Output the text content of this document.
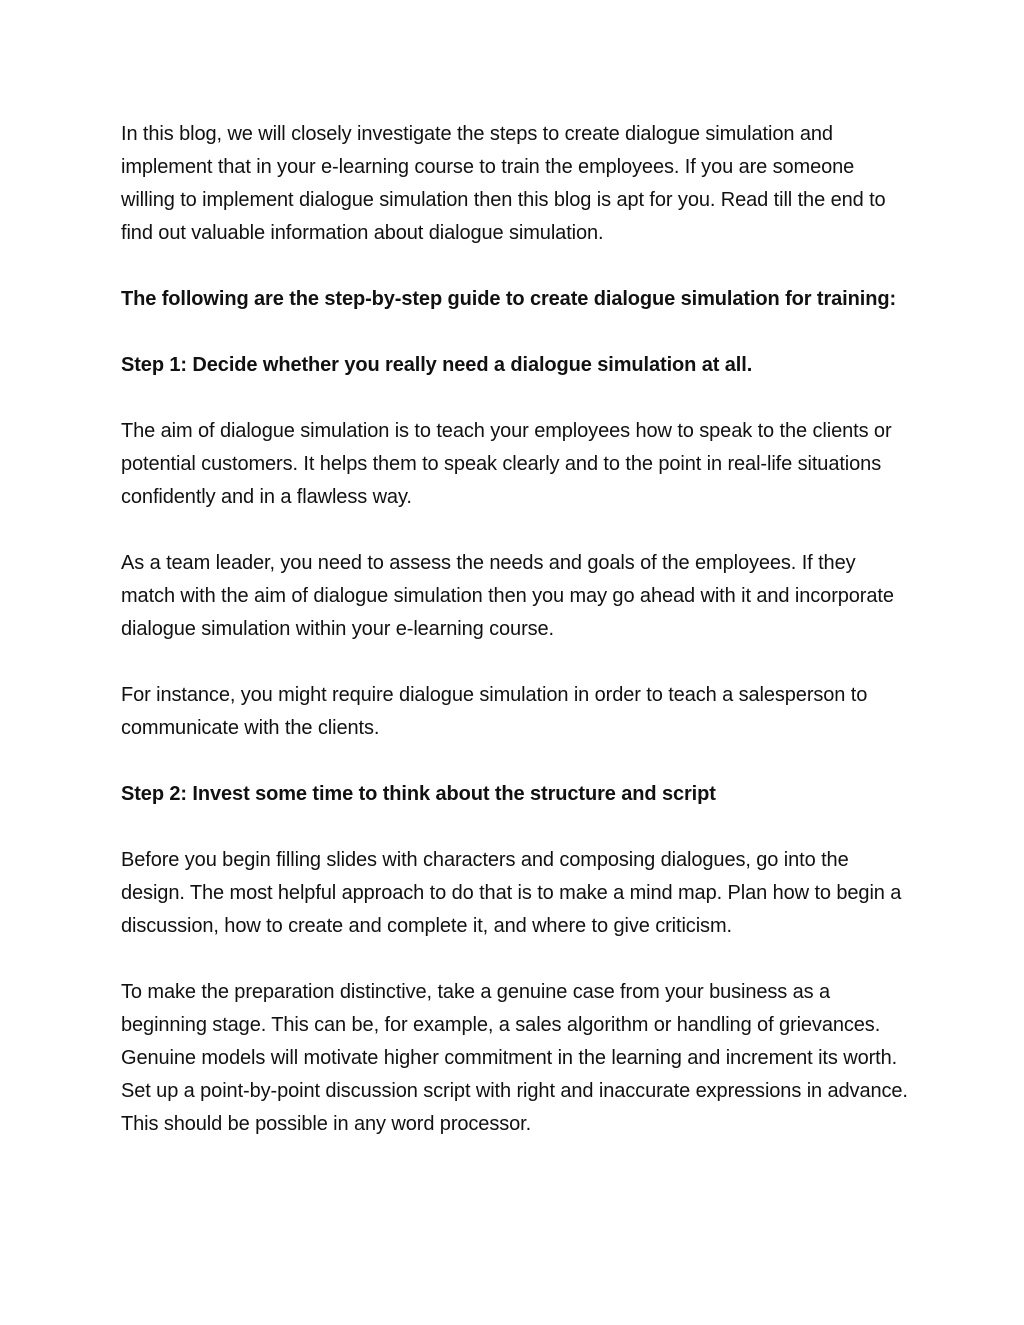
In this blog, we will closely investigate the steps to create dialogue simulation and implement that in your e-learning course to train the employees. If you are someone willing to implement dialogue simulation then this blog is apt for you. Read till the end to find out valuable information about dialogue simulation.

The following are the step-by-step guide to create dialogue simulation for training:

Step 1: Decide whether you really need a dialogue simulation at all.

The aim of dialogue simulation is to teach your employees how to speak to the clients or potential customers. It helps them to speak clearly and to the point in real-life situations confidently and in a flawless way.

As a team leader, you need to assess the needs and goals of the employees. If they match with the aim of dialogue simulation then you may go ahead with it and incorporate dialogue simulation within your e-learning course.

For instance, you might require dialogue simulation in order to teach a salesperson to communicate with the clients.

Step 2: Invest some time to think about the structure and script

Before you begin filling slides with characters and composing dialogues, go into the design. The most helpful approach to do that is to make a mind map. Plan how to begin a discussion, how to create and complete it, and where to give criticism.

To make the preparation distinctive, take a genuine case from your business as a beginning stage. This can be, for example, a sales algorithm or handling of grievances. Genuine models will motivate higher commitment in the learning and increment its worth. Set up a point-by-point discussion script with right and inaccurate expressions in advance. This should be possible in any word processor.
